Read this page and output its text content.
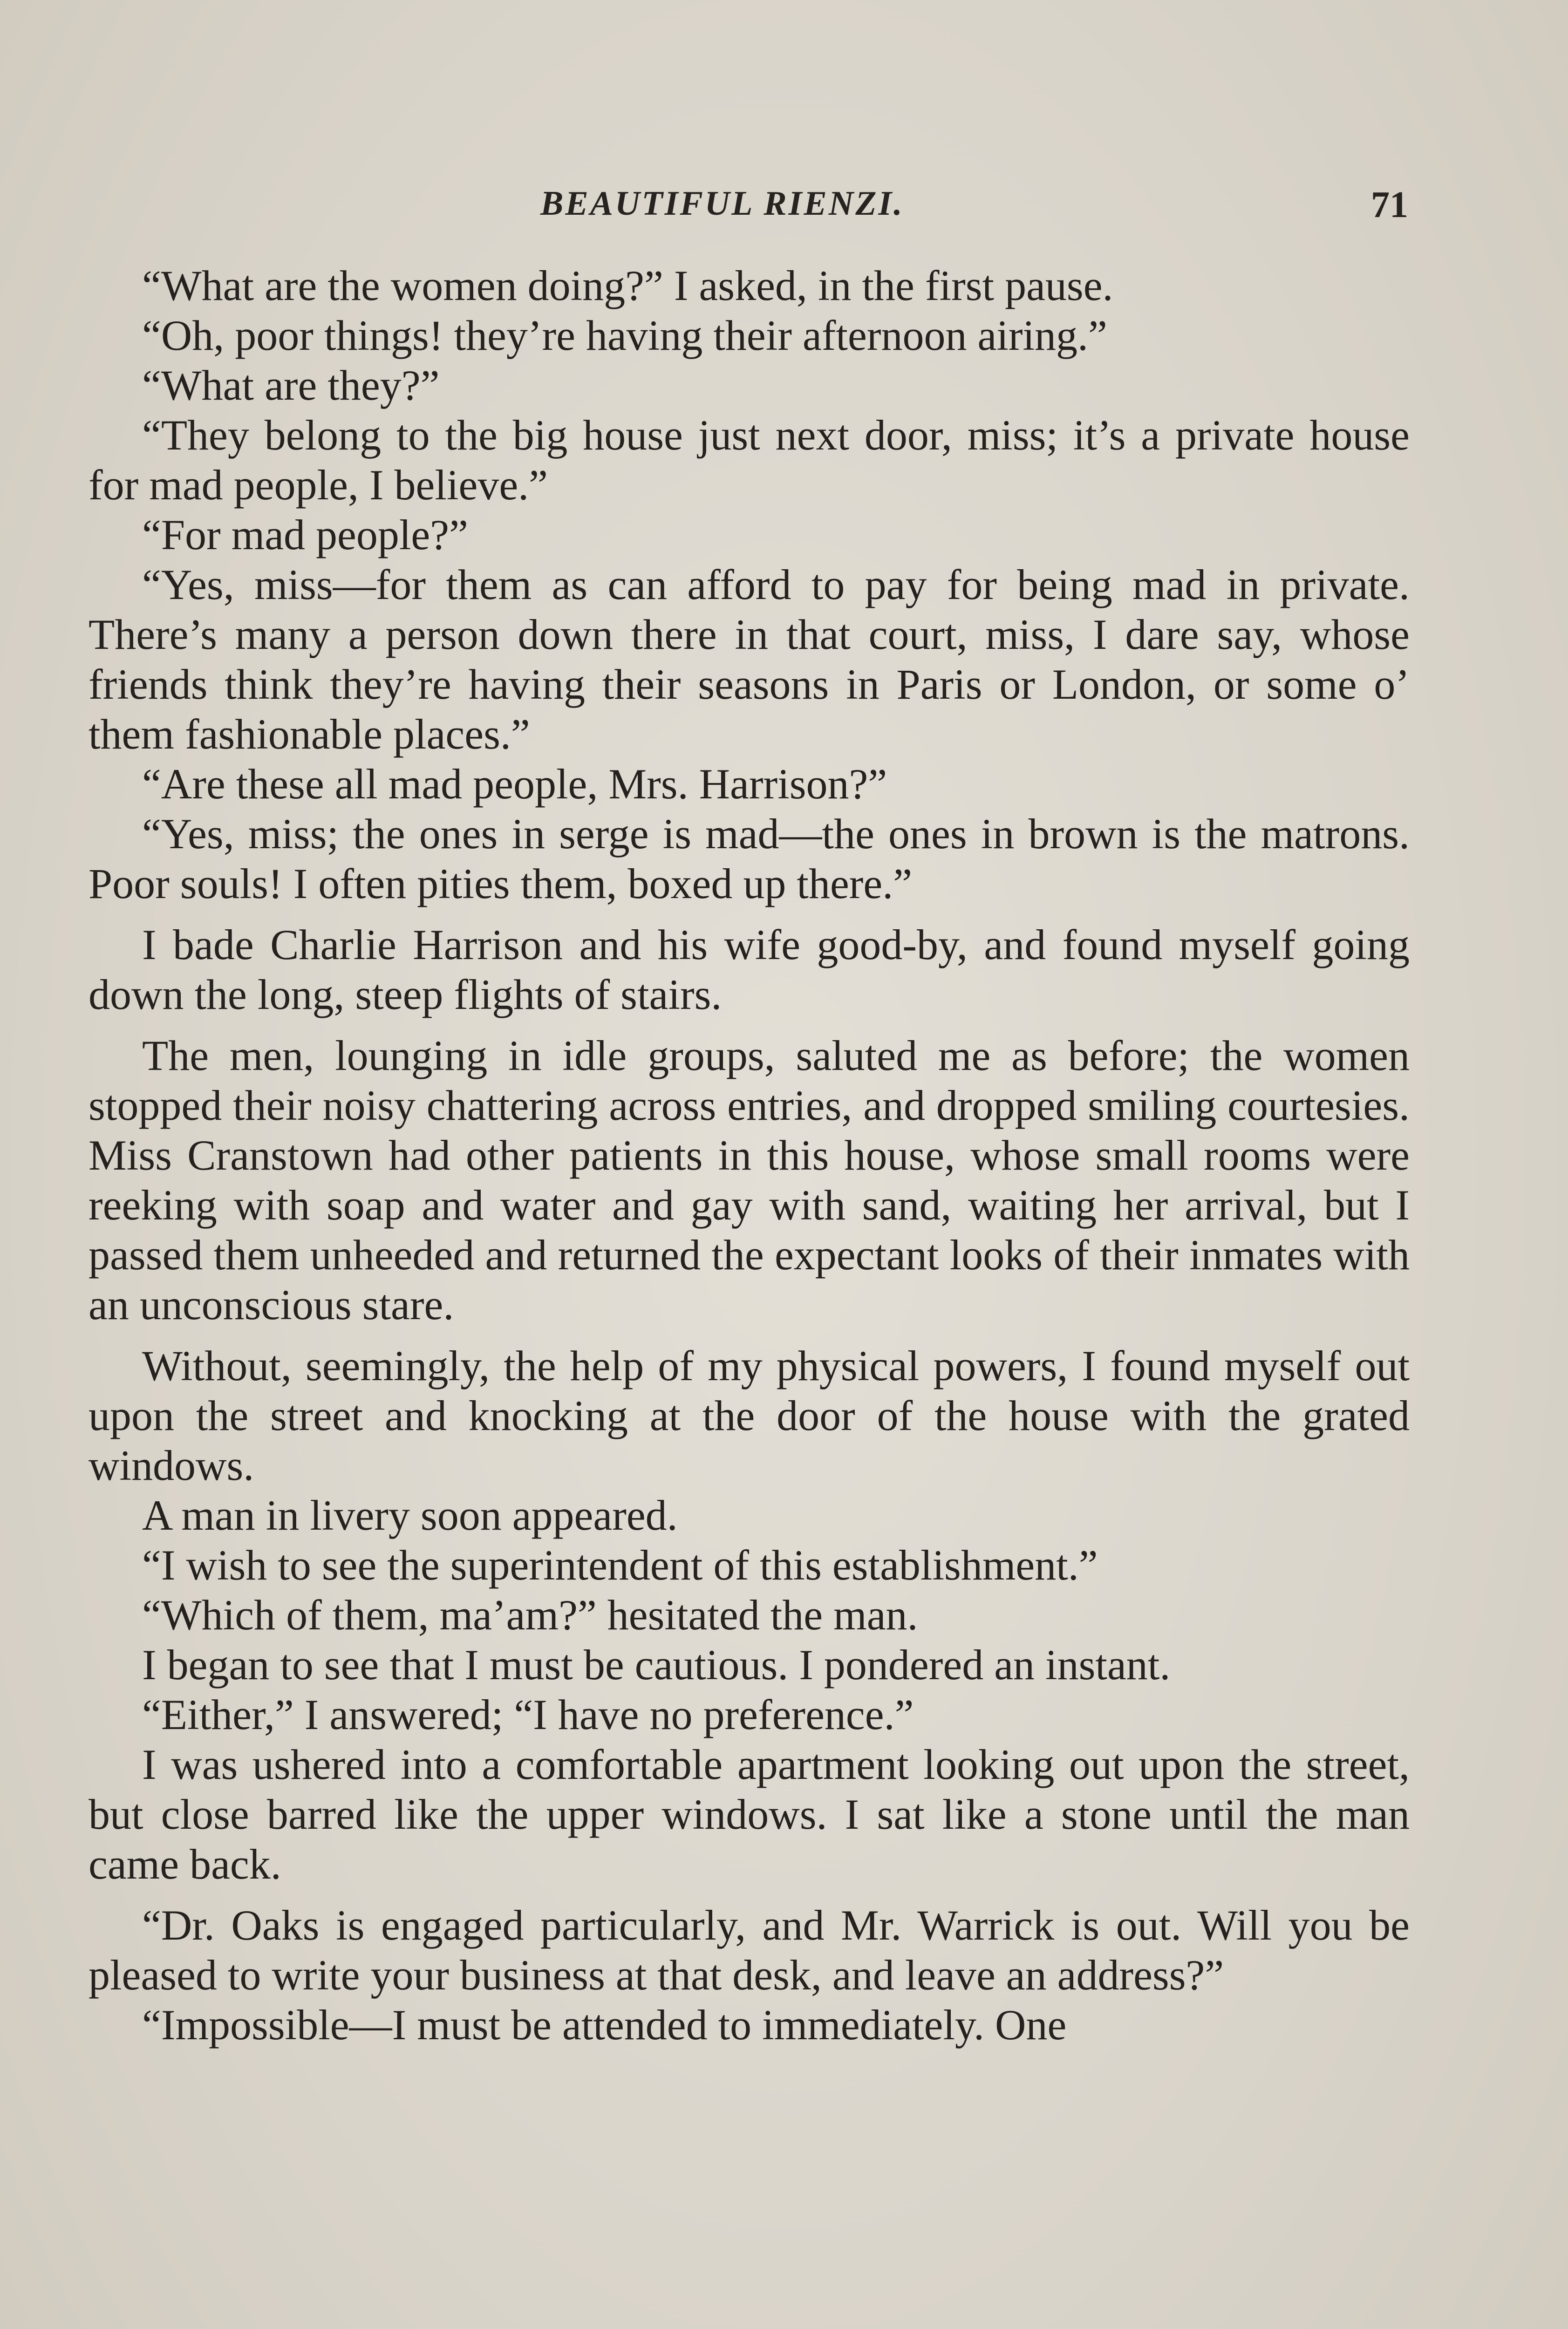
BEAUTIFUL RIENZI.	71

“What are the women doing?” I asked, in the first pause.

“Oh, poor things! they’re having their afternoon airing.”

“What are they?”

“They belong to the big house just next door, miss; it’s a private house for mad people, I believe.”

“For mad people?”

“Yes, miss—for them as can afford to pay for being mad in private. There’s many a person down there in that court, miss, I dare say, whose friends think they’re having their seasons in Paris or London, or some o’ them fashionable places.”

“Are these all mad people, Mrs. Harrison?”

“Yes, miss; the ones in serge is mad—the ones in brown is the matrons. Poor souls! I often pities them, boxed up there.”

I bade Charlie Harrison and his wife good-by, and found myself going down the long, steep flights of stairs.

The men, lounging in idle groups, saluted me as before; the women stopped their noisy chattering across entries, and dropped smiling courtesies. Miss Cranstown had other patients in this house, whose small rooms were reeking with soap and water and gay with sand, waiting her arrival, but I passed them unheeded and returned the expectant looks of their inmates with an unconscious stare.

Without, seemingly, the help of my physical powers, I found myself out upon the street and knocking at the door of the house with the grated windows.

A man in livery soon appeared.

“I wish to see the superintendent of this establishment.”

“Which of them, ma’am?” hesitated the man.

I began to see that I must be cautious. I pondered an instant.

“Either,” I answered; “I have no preference.”

I was ushered into a comfortable apartment looking out upon the street, but close barred like the upper windows. I sat like a stone until the man came back.

“Dr. Oaks is engaged particularly, and Mr. Warrick is out. Will you be pleased to write your business at that desk, and leave an address?”

“Impossible—I must be attended to immediately. One
